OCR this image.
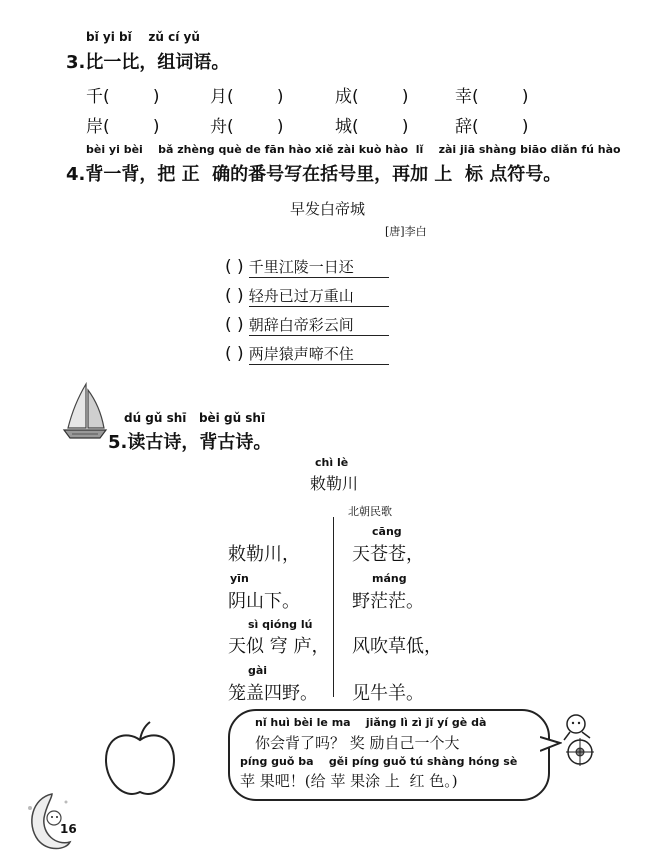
bǐ yi bǐ    zǔ cí yǔ
3.比一比，组词语。
千(        )	月(        )	成(        )	幸(        )
岸(        )	舟(        )	城(        )	辞(        )
bèi yi bèi    bǎ zhèng què de fān hào xiě zài kuò hào  lǐ    zài jiā shàng biāo diǎn fú hào
4.背一背，把 正  确的番号写在括号里，再加 上  标 点符号。
早发白帝城
[唐]李白
( ) 千里江陵一日还
( ) 轻舟已过万重山
( ) 朝辞白帝彩云间
( ) 两岸猿声啼不住
dú gǔ shī   bèi gǔ shī
5.读古诗，背古诗。
chì lè
敕勒川
北朝民歌
敕勒川，
yīn
阴山下。
sì qióng lú
天似 穹 庐，
gài
笼盖四野。
cāng
天苍苍，
máng
野茫茫。
风吹草低，
见牛羊。
nǐ huì bèi le ma    jiǎng lì zì jǐ yí gè dà
你会背了吗？ 奖 励自己一个大
píng guǒ ba    gěi píng guǒ tú shàng hóng sè
苹 果吧！(给 苹 果涂 上  红 色。)
16
